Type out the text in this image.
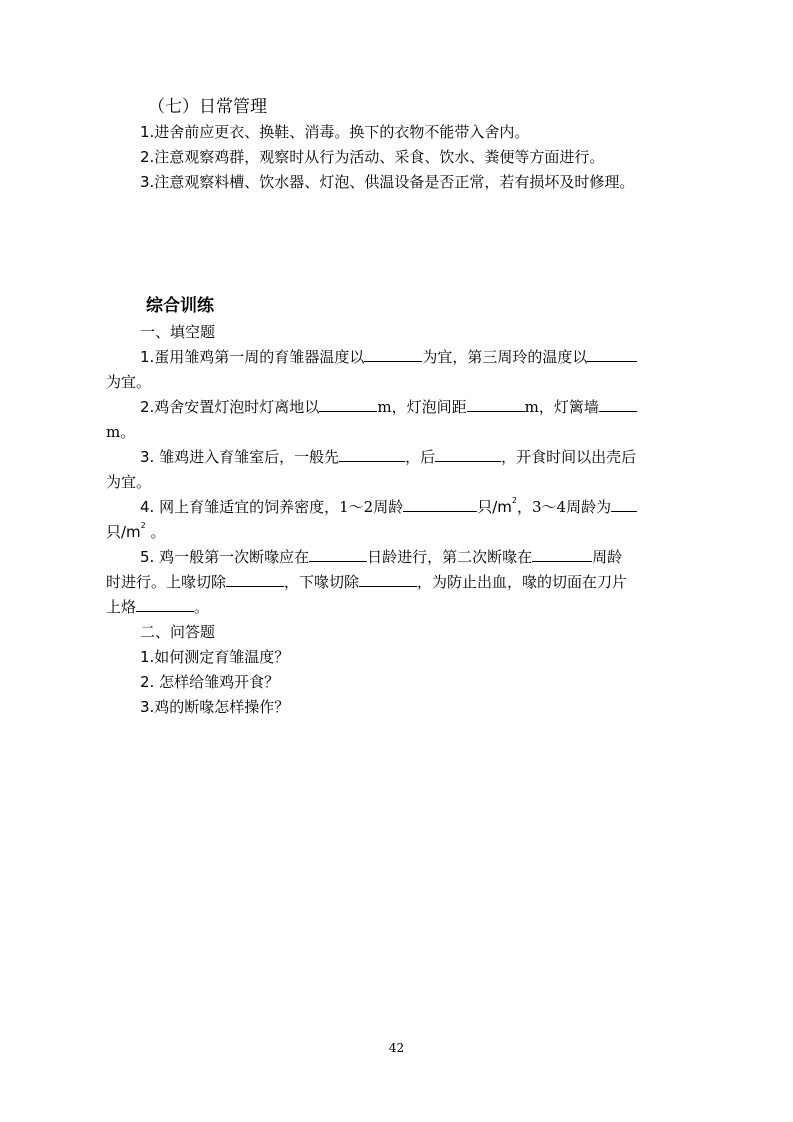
（七）日常管理
1.进舍前应更衣、换鞋、消毒。换下的衣物不能带入舍内。
2.注意观察鸡群，观察时从行为活动、采食、饮水、粪便等方面进行。
3.注意观察料槽、饮水器、灯泡、供温设备是否正常，若有损坏及时修理。
综合训练
一、填空题
1.蛋用雏鸡第一周的育雏器温度以	为宜，第三周玲的温度以
为宜。
2.鸡舍安置灯泡时灯离地以	m，灯泡间距	m，灯篱墙
m。
3. 雏鸡进入育雏室后，一般先	，后	，开食时间以出壳后
为宜。
4. 网上育雏适宜的饲养密度，1～2周龄	只$/m^2$，3～4周龄为
只$/m^2$ 。
5. 鸡一般第一次断喙应在	日龄进行，第二次断喙在	周龄
时进行。上喙切除	，下喙切除	，为防止出血，喙的切面在刀片
上烙	。
二、问答题
1.如何测定育雏温度？
2. 怎样给雏鸡开食？
3.鸡的断喙怎样操作？
42
